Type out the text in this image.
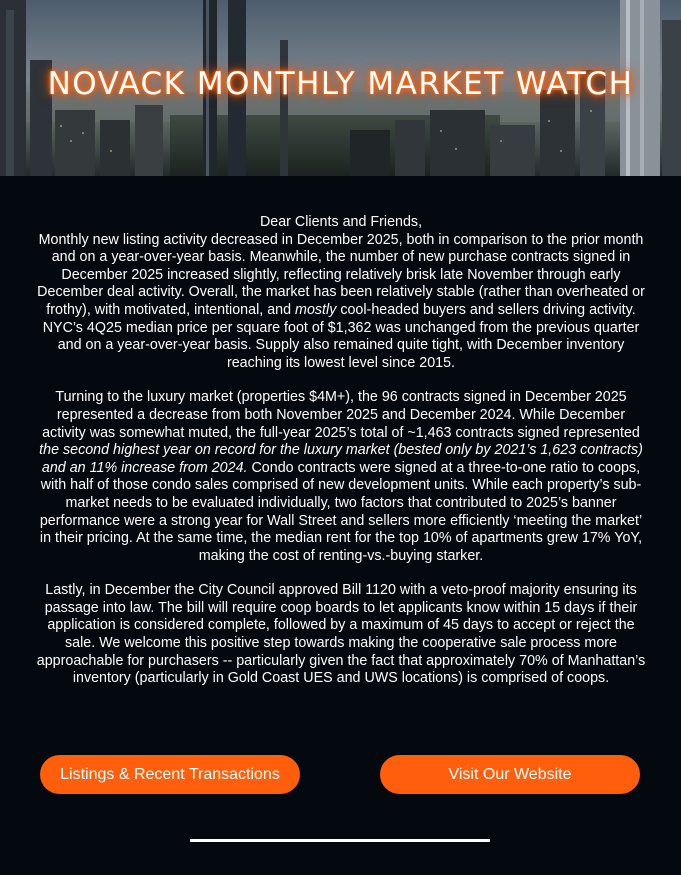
NOVACK MONTHLY MARKET WATCH

Dear Clients and Friends,
Monthly new listing activity decreased in December 2025, both in comparison to the prior month and on a year-over-year basis. Meanwhile, the number of new purchase contracts signed in December 2025 increased slightly, reflecting relatively brisk late November through early December deal activity. Overall, the market has been relatively stable (rather than overheated or frothy), with motivated, intentional, and mostly cool-headed buyers and sellers driving activity. NYC’s 4Q25 median price per square foot of $1,362 was unchanged from the previous quarter and on a year-over-year basis. Supply also remained quite tight, with December inventory reaching its lowest level since 2015.

Turning to the luxury market (properties $4M+), the 96 contracts signed in December 2025 represented a decrease from both November 2025 and December 2024. While December activity was somewhat muted, the full-year 2025’s total of ~1,463 contracts signed represented the second highest year on record for the luxury market (bested only by 2021’s 1,623 contracts) and an 11% increase from 2024. Condo contracts were signed at a three-to-one ratio to coops, with half of those condo sales comprised of new development units. While each property’s sub-market needs to be evaluated individually, two factors that contributed to 2025’s banner performance were a strong year for Wall Street and sellers more efficiently ‘meeting the market’ in their pricing. At the same time, the median rent for the top 10% of apartments grew 17% YoY, making the cost of renting-vs.-buying starker.

Lastly, in December the City Council approved Bill 1120 with a veto-proof majority ensuring its passage into law. The bill will require coop boards to let applicants know within 15 days if their application is considered complete, followed by a maximum of 45 days to accept or reject the sale. We welcome this positive step towards making the cooperative sale process more approachable for purchasers -- particularly given the fact that approximately 70% of Manhattan’s inventory (particularly in Gold Coast UES and UWS locations) is comprised of coops.

Listings & Recent Transactions	Visit Our Website
